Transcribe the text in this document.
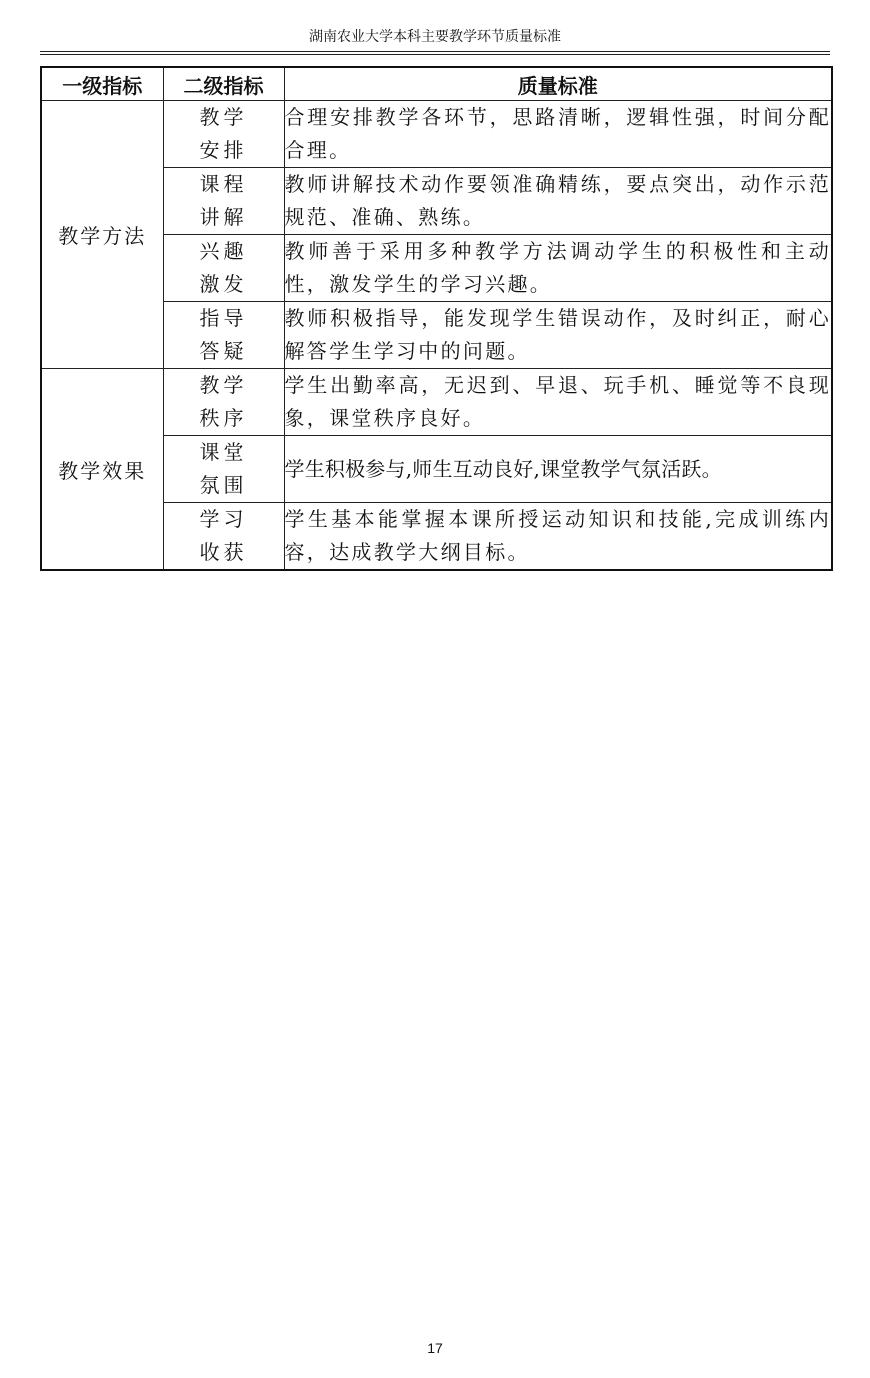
湖南农业大学本科主要教学环节质量标准
一级指标	二级指标	质量标准
教学方法	教学安排	合理安排教学各环节，思路清晰，逻辑性强，时间分配合理。

	课程讲解	教师讲解技术动作要领准确精练，要点突出，动作示范规范、准确、熟练。

	兴趣激发	教师善于采用多种教学方法调动学生的积极性和主动性，激发学生的学习兴趣。

	指导答疑	教师积极指导，能发现学生错误动作，及时纠正，耐心解答学生学习中的问题。
教学效果	教学秩序	学生出勤率高，无迟到、早退、玩手机、睡觉等不良现象，课堂秩序良好。

	课堂氛围	学生积极参与,师生互动良好,课堂教学气氛活跃。

	学习收获	学生基本能掌握本课所授运动知识和技能,完成训练内容，达成教学大纲目标。
17
